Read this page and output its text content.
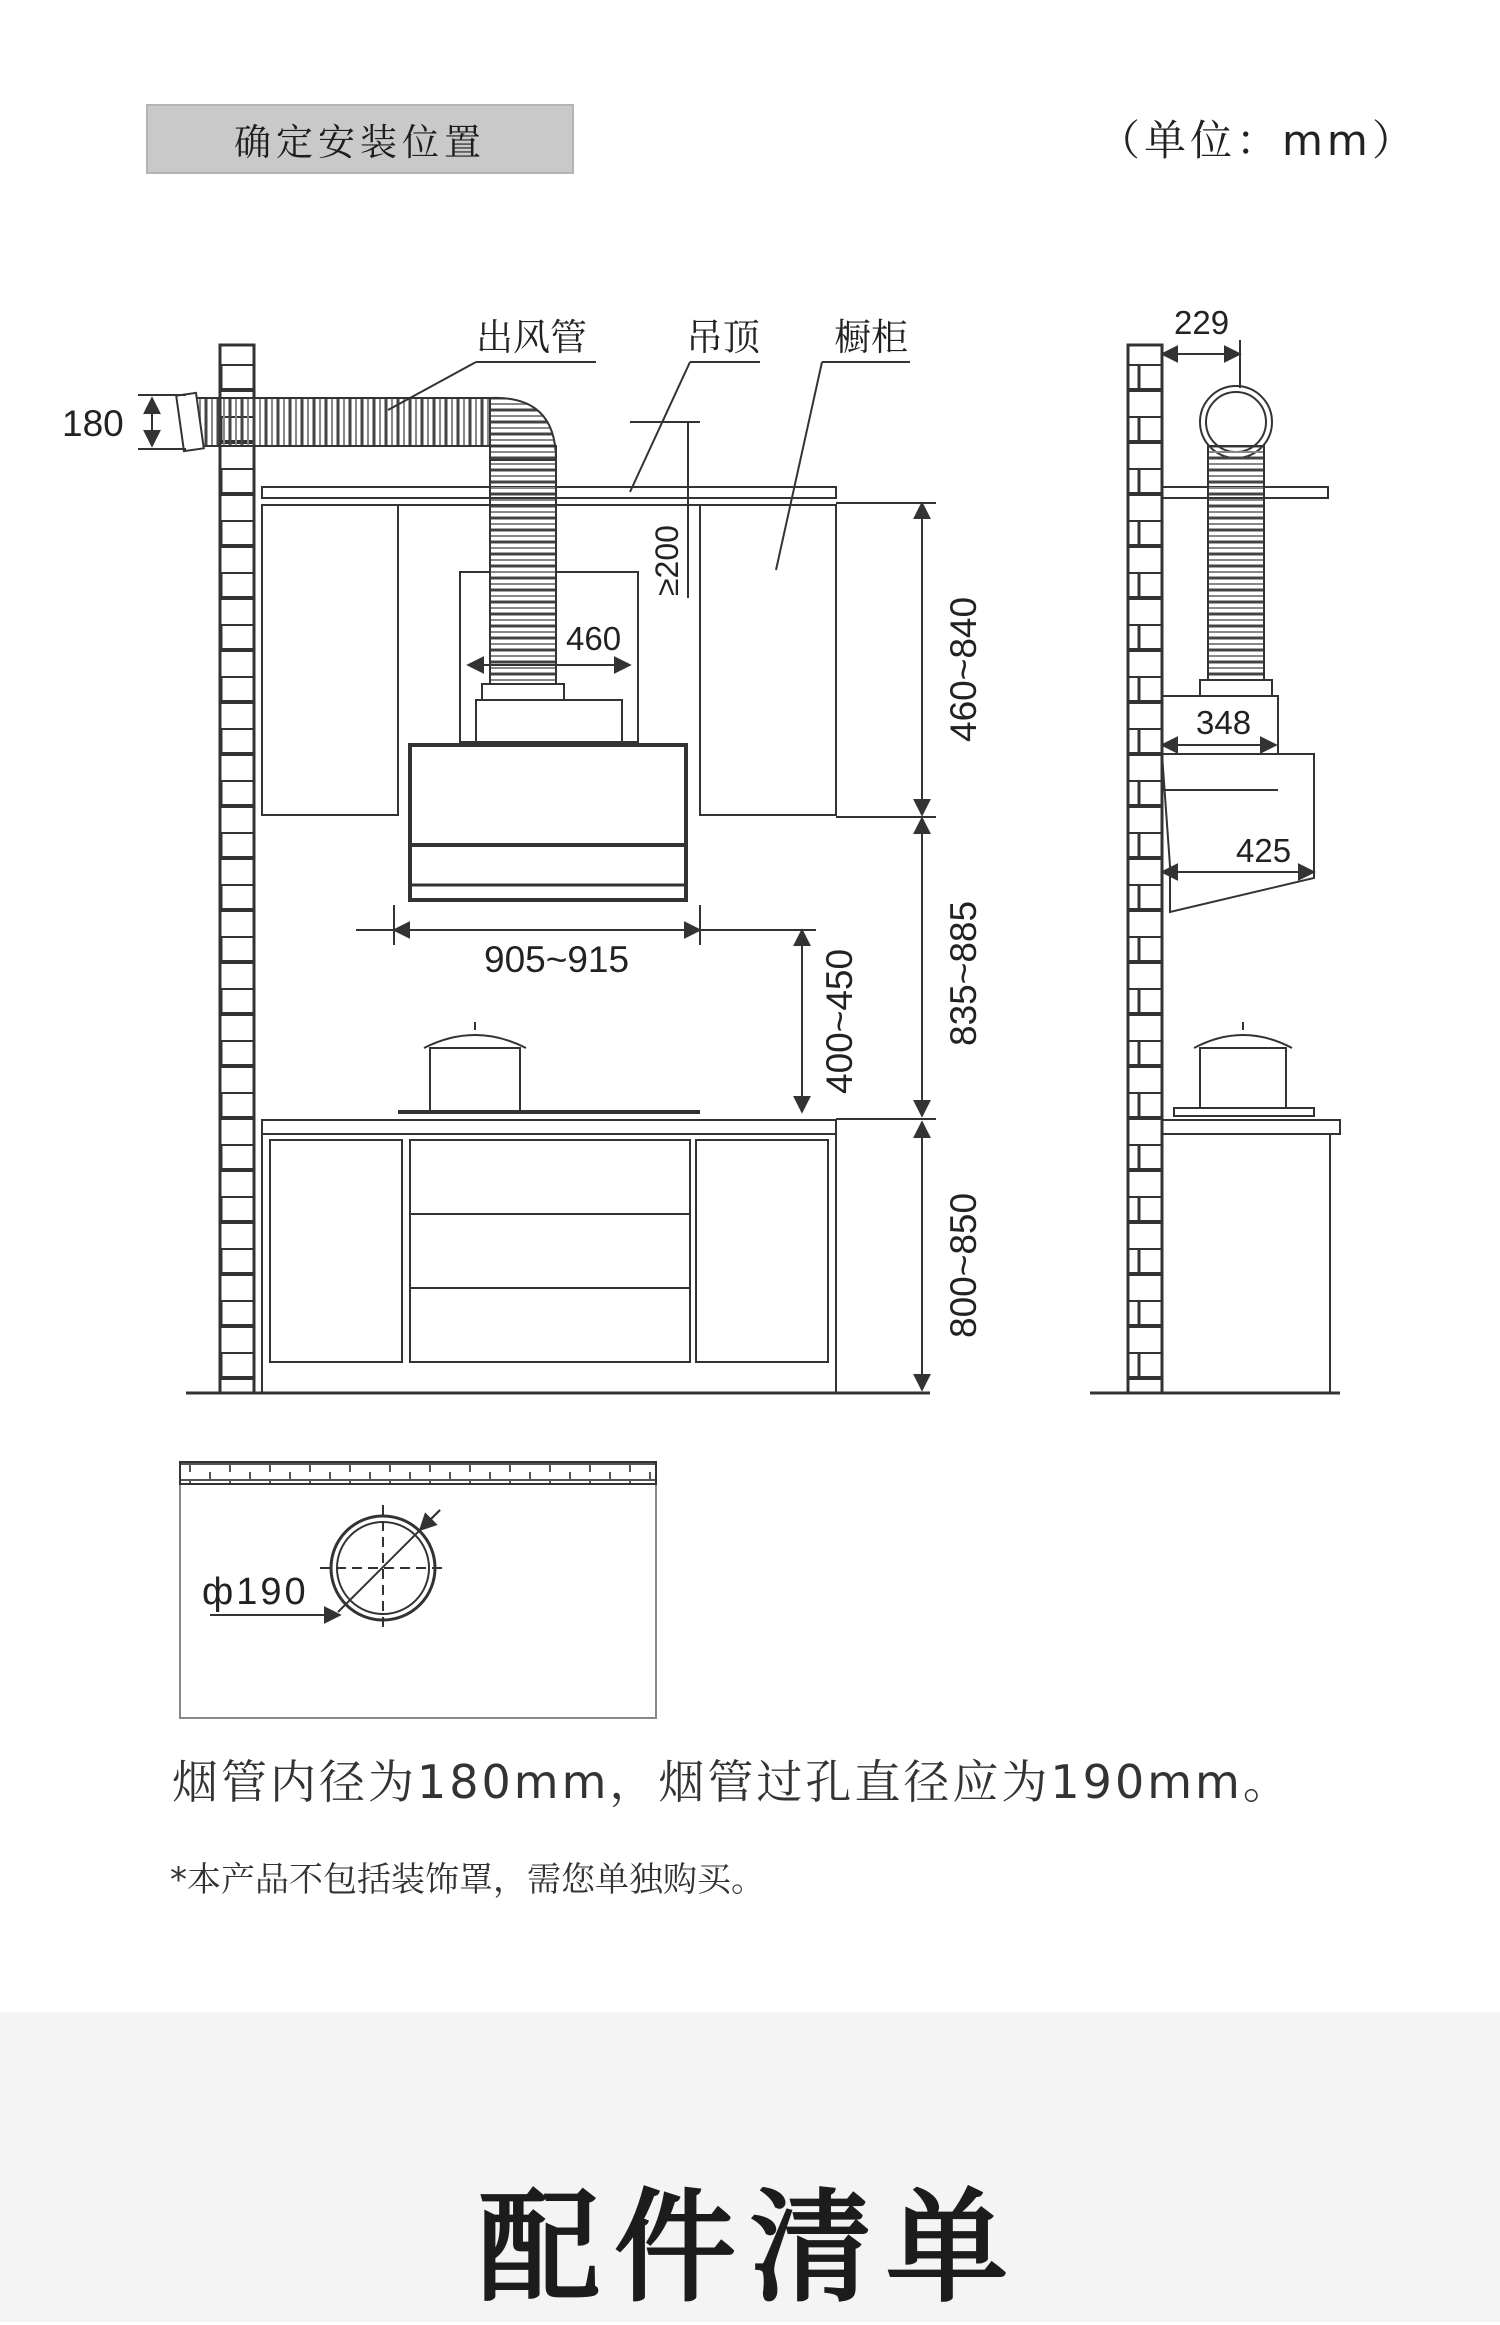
确定安装位置	（单位：mm）
出风管	吊顶 橱柜
180
≥200
460
905~915
460~840
835~885
400~450
800~850
229
348
425
ф190
烟管内径为180mm，烟管过孔直径应为190mm。
*本产品不包括装饰罩，需您单独购买。
配件清单
